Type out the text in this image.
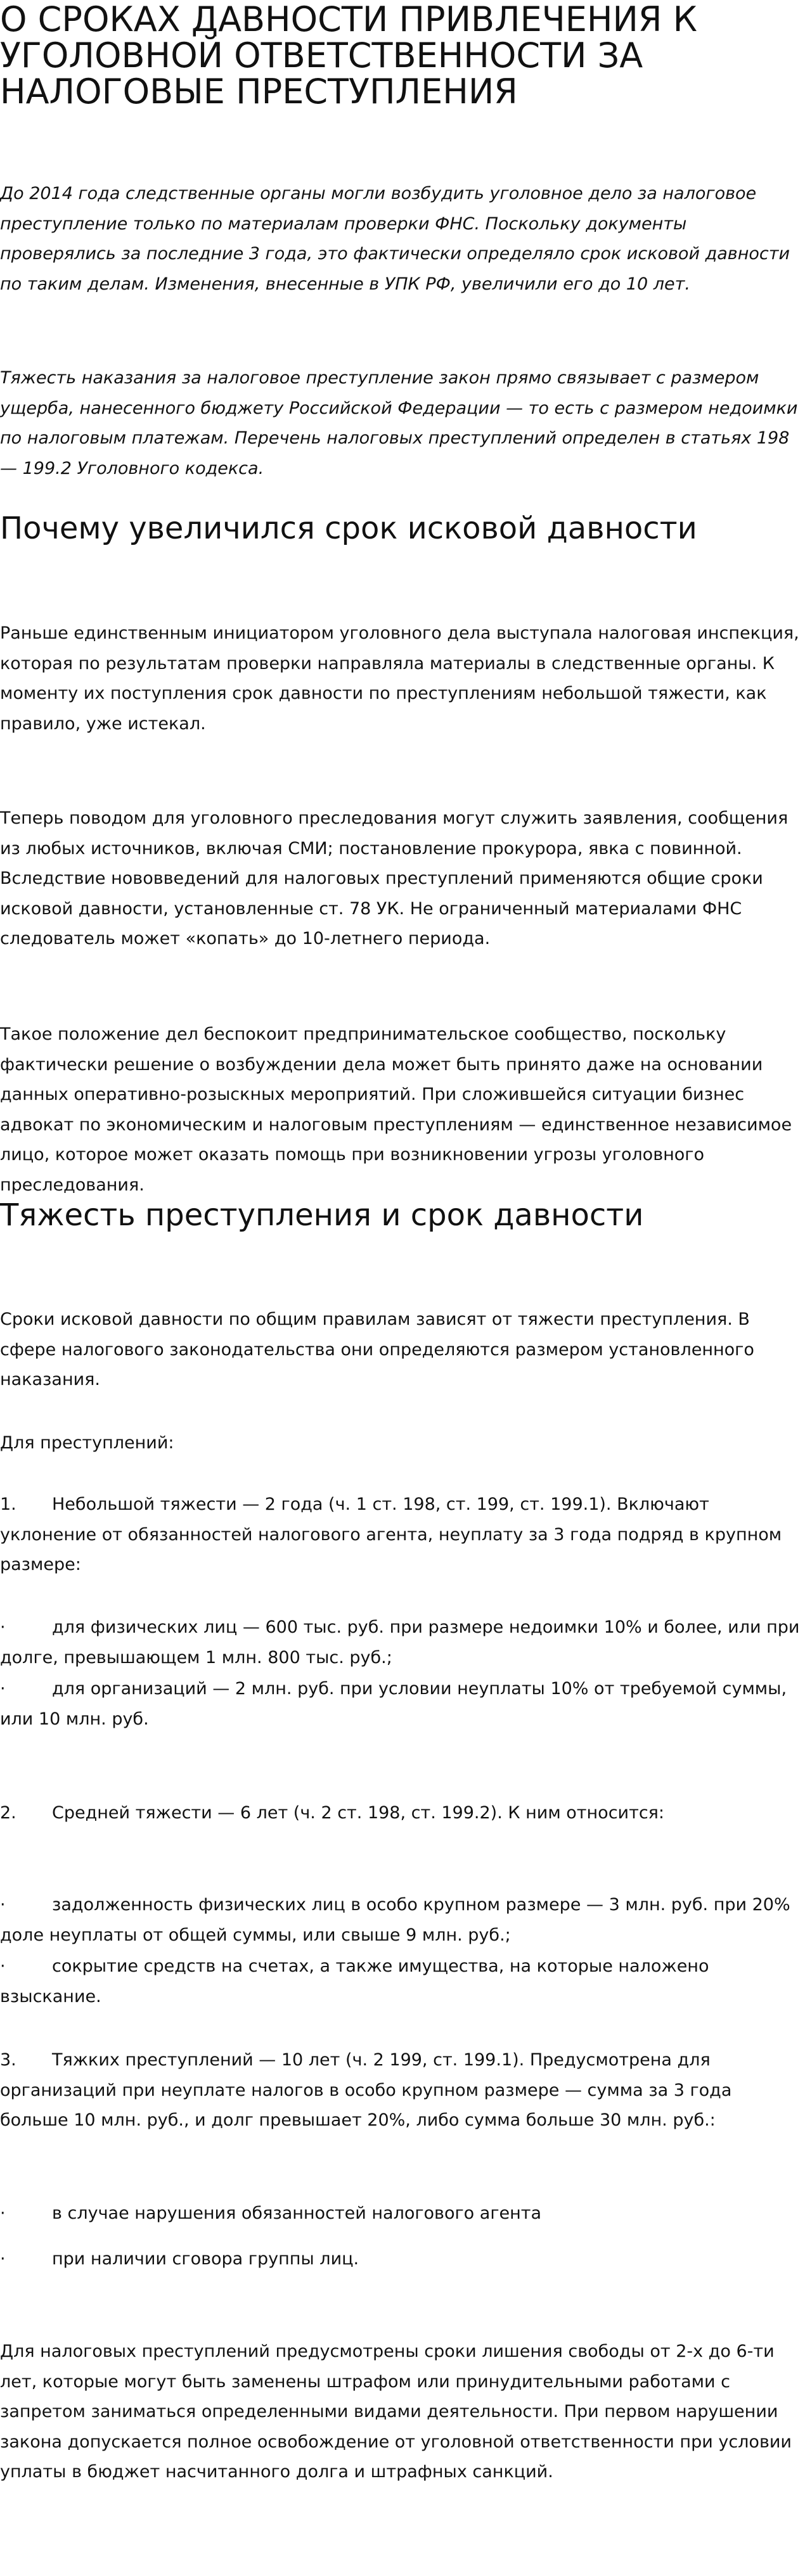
О СРОКАХ ДАВНОСТИ ПРИВЛЕЧЕНИЯ К УГОЛОВНОЙ ОТВЕТСТВЕННОСТИ ЗА НАЛОГОВЫЕ ПРЕСТУПЛЕНИЯ

До 2014 года следственные органы могли возбудить уголовное дело за налоговое преступление только по материалам проверки ФНС. Поскольку документы проверялись за последние 3 года, это фактически определяло срок исковой давности по таким делам. Изменения, внесенные в УПК РФ, увеличили его до 10 лет.

Тяжесть наказания за налоговое преступление закон прямо связывает с размером ущерба, нанесенного бюджету Российской Федерации — то есть с размером недоимки по налоговым платежам. Перечень налоговых преступлений определен в статьях 198 — 199.2 Уголовного кодекса.

Почему увеличился срок исковой давности

Раньше единственным инициатором уголовного дела выступала налоговая инспекция, которая по результатам проверки направляла материалы в следственные органы. К моменту их поступления срок давности по преступлениям небольшой тяжести, как правило, уже истекал.

Теперь поводом для уголовного преследования могут служить заявления, сообщения из любых источников, включая СМИ; постановление прокурора, явка с повинной. Вследствие нововведений для налоговых преступлений применяются общие сроки исковой давности, установленные ст. 78 УК. Не ограниченный материалами ФНС следователь может «копать» до 10-летнего периода.

Такое положение дел беспокоит предпринимательское сообщество, поскольку фактически решение о возбуждении дела может быть принято даже на основании данных оперативно-розыскных мероприятий. При сложившейся ситуации бизнес адвокат по экономическим и налоговым преступлениям — единственное независимое лицо, которое может оказать помощь при возникновении угрозы уголовного преследования.

Тяжесть преступления и срок давности

Сроки исковой давности по общим правилам зависят от тяжести преступления. В сфере налогового законодательства они определяются размером установленного наказания.

Для преступлений:

1. Небольшой тяжести — 2 года (ч. 1 ст. 198, ст. 199, ст. 199.1). Включают уклонение от обязанностей налогового агента, неуплату за 3 года подряд в крупном размере:

·	для физических лиц — 600 тыс. руб. при размере недоимки 10% и более, или при долге, превышающем 1 млн. 800 тыс. руб.;

·	для организаций — 2 млн. руб. при условии неуплаты 10% от требуемой суммы, или 10 млн. руб.

2. Средней тяжести — 6 лет (ч. 2 ст. 198, ст. 199.2). К ним относится:

·	задолженность физических лиц в особо крупном размере — 3 млн. руб. при 20% доле неуплаты от общей суммы, или свыше 9 млн. руб.;

·	сокрытие средств на счетах, а также имущества, на которые наложено взыскание.

3. Тяжких преступлений — 10 лет (ч. 2 199, ст. 199.1). Предусмотрена для организаций при неуплате налогов в особо крупном размере — сумма за 3 года больше 10 млн. руб., и долг превышает 20%, либо сумма больше 30 млн. руб.:

·	в случае нарушения обязанностей налогового агента

·	при наличии сговора группы лиц.

Для налоговых преступлений предусмотрены сроки лишения свободы от 2-х до 6-ти лет, которые могут быть заменены штрафом или принудительными работами с запретом заниматься определенными видами деятельности. При первом нарушении закона допускается полное освобождение от уголовной ответственности при условии уплаты в бюджет насчитанного долга и штрафных санкций.
